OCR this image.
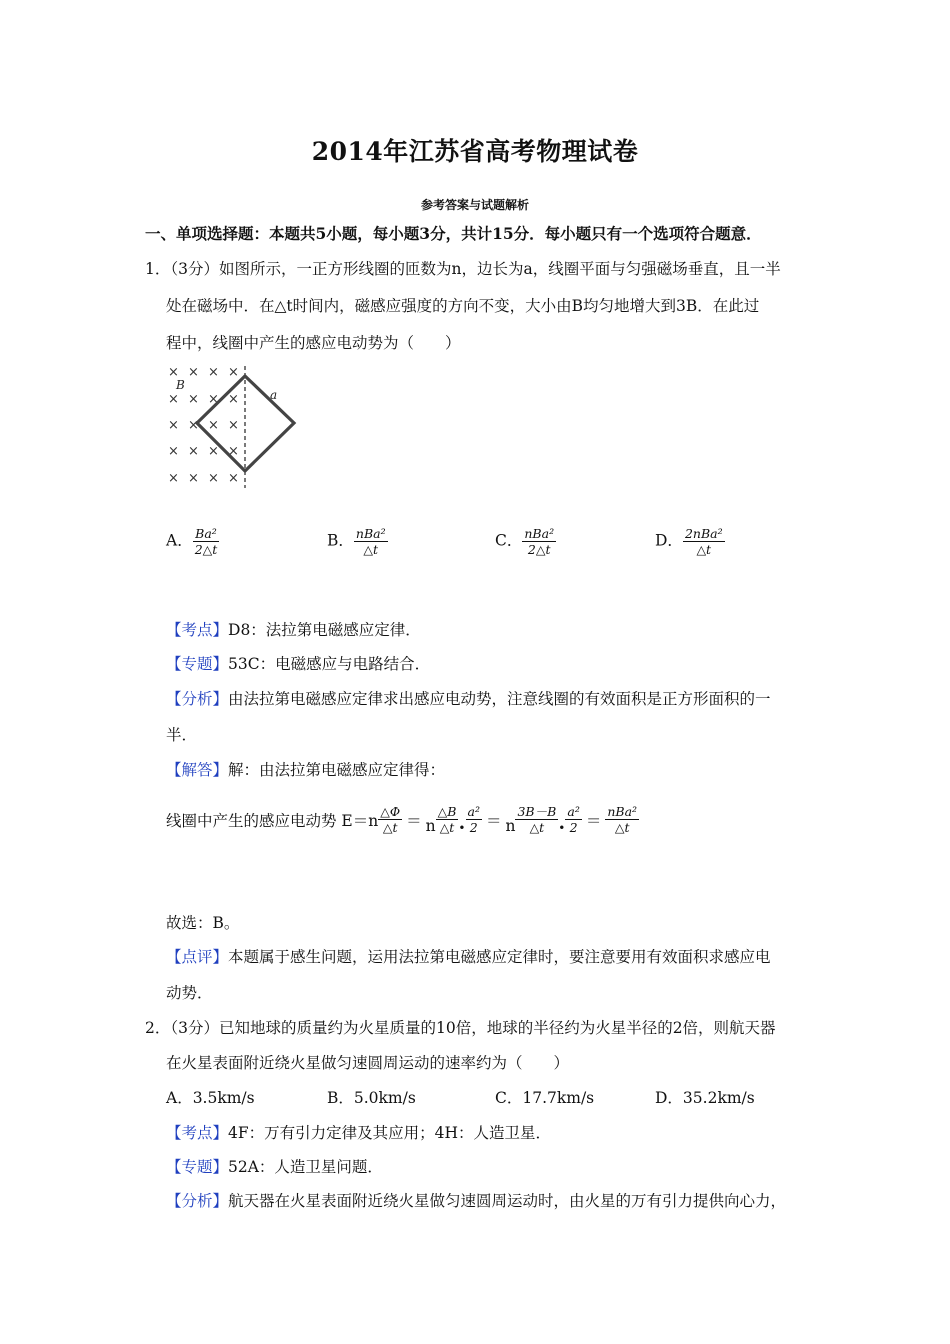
2014年江苏省高考物理试卷
参考答案与试题解析
一、单项选择题：本题共5小题，每小题3分，共计15分．每小题只有一个选项符合题意．
1．（3分）如图所示，一正方形线圈的匝数为n，边长为a，线圈平面与匀强磁场垂直，且一半
处在磁场中．在△t时间内，磁感应强度的方向不变，大小由B均匀地增大到3B．在此过
程中，线圈中产生的感应电动势为（　　）
× × × ×
× × × ×
× × × ×
× × × ×
× × × ×
B
a
A． $\frac{\text{Ba²}}{2\triangle t}$	B． $\frac{\text{nBa²}}{\triangle t}$	C． $\frac{\text{nBa²}}{2\triangle t}$	D． $\frac{\text{2nBa²}}{\triangle t}$
【考点】D8：法拉第电磁感应定律．
【专题】53C：电磁感应与电路结合．
【分析】由法拉第电磁感应定律求出感应电动势，注意线圈的有效面积是正方形面积的一
半．
【解答】解：由法拉第电磁感应定律得：
线圈中产生的感应电动势 $E=n \frac{\triangle\Phi}{\triangle t} = n \frac{\triangle B}{\triangle t}$ • $\frac{\text{a²}}{2} = n \frac{3B-B}{\triangle t}$ • $\frac{\text{a²}}{2} = \frac{\text{nBa²}}{\triangle t}$
故选：B。
【点评】本题属于感生问题，运用法拉第电磁感应定律时，要注意要用有效面积求感应电
动势．
2．（3分）已知地球的质量约为火星质量的10倍，地球的半径约为火星半径的2倍，则航天器
在火星表面附近绕火星做匀速圆周运动的速率约为（　　）
A．3.5km/s	B．5.0km/s	C．17.7km/s	D．35.2km/s
【考点】4F：万有引力定律及其应用；4H：人造卫星．
【专题】52A：人造卫星问题．
【分析】航天器在火星表面附近绕火星做匀速圆周运动时，由火星的万有引力提供向心力，
